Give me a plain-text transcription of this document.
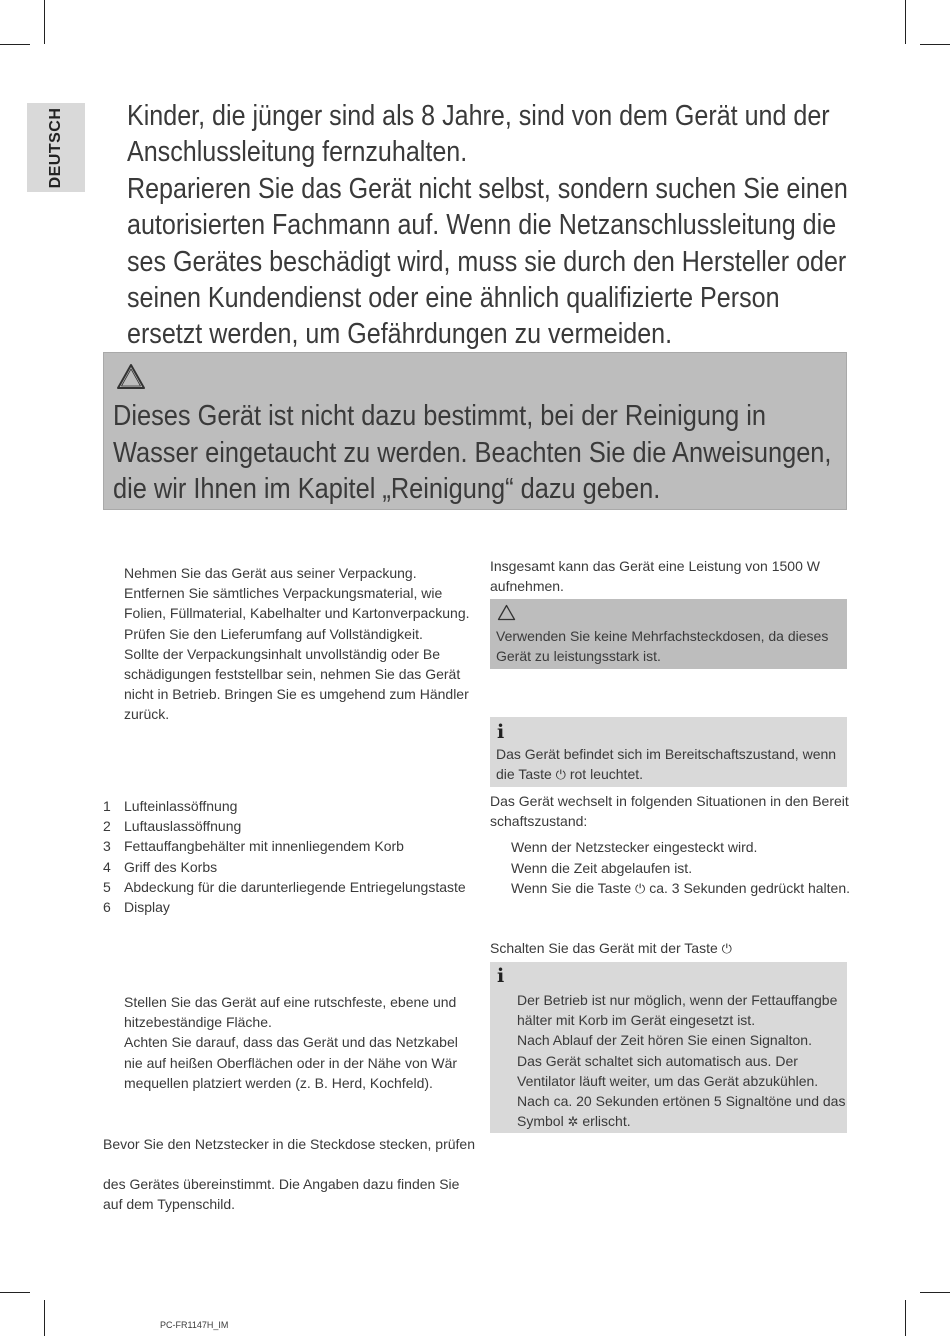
DEUTSCH Kinder, die jünger sind als 8 Jahre, sind von dem Gerät und der Anschlussleitung fernzuhalten.

Reparieren Sie das Gerät nicht selbst, sondern suchen Sie einen autorisierten Fachmann auf. Wenn die Netzanschlussleitung die ses Gerätes beschädigt wird, muss sie durch den Hersteller oder seinen Kundendienst oder eine ähnlich qualifizierte Person ersetzt werden, um Gefährdungen zu vermeiden.

Dieses Gerät ist nicht dazu bestimmt, bei der Reinigung in Wasser eingetaucht zu werden. Beachten Sie die Anweisungen, die wir Ihnen im Kapitel „Reinigung“ dazu geben.
Nehmen Sie das Gerät aus seiner Verpackung.
Entfernen Sie sämtliches Verpackungsmaterial, wie
Folien, Füllmaterial, Kabelhalter und Kartonverpackung.
Prüfen Sie den Lieferumfang auf Vollständigkeit.
Sollte der Verpackungsinhalt unvollständig oder Be
schädigungen feststellbar sein, nehmen Sie das Gerät
nicht in Betrieb. Bringen Sie es umgehend zum Händler
zurück.
1 Lufteinlassöffnung
2 Luftauslassöffnung
3 Fettauffangbehälter mit innenliegendem Korb
4 Griff des Korbs
5 Abdeckung für die darunterliegende Entriegelungstaste
6 Display
Stellen Sie das Gerät auf eine rutschfeste, ebene und
hitzebeständige Fläche.
Achten Sie darauf, dass das Gerät und das Netzkabel
nie auf heißen Oberflächen oder in der Nähe von Wär
mequellen platziert werden (z. B. Herd, Kochfeld).
Bevor Sie den Netzstecker in die Steckdose stecken, prüfen
des Gerätes übereinstimmt. Die Angaben dazu finden Sie
auf dem Typenschild.
Insgesamt kann das Gerät eine Leistung von 1500 W
aufnehmen.
Verwenden Sie keine Mehrfachsteckdosen, da dieses
Gerät zu leistungsstark ist.
i
Das Gerät befindet sich im Bereitschaftszustand, wenn
die Taste ⏻ rot leuchtet.
Das Gerät wechselt in folgenden Situationen in den Bereit
schaftszustand:
Wenn der Netzstecker eingesteckt wird.
Wenn die Zeit abgelaufen ist.
Wenn Sie die Taste ⏻ ca. 3 Sekunden gedrückt halten.
Schalten Sie das Gerät mit der Taste ⏻
i
Der Betrieb ist nur möglich, wenn der Fettauffangbe
hälter mit Korb im Gerät eingesetzt ist.
Nach Ablauf der Zeit hören Sie einen Signalton.
Das Gerät schaltet sich automatisch aus. Der
Ventilator läuft weiter, um das Gerät abzukühlen.
Nach ca. 20 Sekunden ertönen 5 Signaltöne und das
Symbol ✲ erlischt.
PC-FR1147H_IM
